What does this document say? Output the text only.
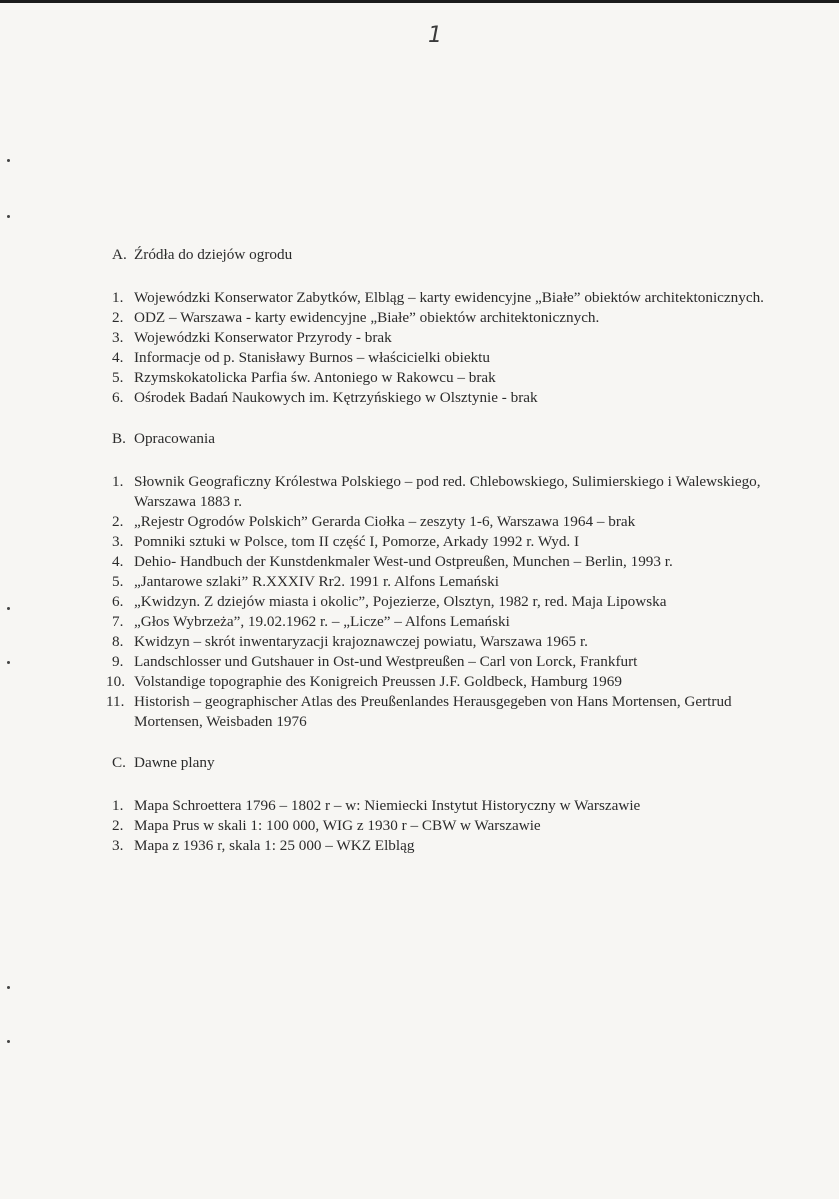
1
A. Źródła do dziejów ogrodu
1. Wojewódzki Konserwator Zabytków, Elbląg – karty ewidencyjne „Białe” obiektów architektonicznych.
2. ODZ – Warszawa - karty ewidencyjne „Białe” obiektów architektonicznych.
3. Wojewódzki Konserwator Przyrody - brak
4. Informacje od p. Stanisławy Burnos – właścicielki obiektu
5. Rzymskokatolicka Parfia św. Antoniego w Rakowcu – brak
6. Ośrodek Badań Naukowych im. Kętrzyńskiego w Olsztynie - brak
B. Opracowania
1. Słownik Geograficzny Królestwa Polskiego – pod red. Chlebowskiego, Sulimierskiego i Walewskiego, Warszawa 1883 r.
2. „Rejestr Ogrodów Polskich” Gerarda Ciołka – zeszyty 1-6, Warszawa 1964 – brak
3. Pomniki sztuki w Polsce, tom II część I, Pomorze, Arkady 1992 r. Wyd. I
4. Dehio- Handbuch der Kunstdenkmaler West-und Ostpreußen, Munchen – Berlin, 1993 r.
5. „Jantarowe szlaki” R.XXXIV Rr2. 1991 r. Alfons Lemański
6. „Kwidzyn. Z dziejów miasta i okolic”, Pojezierze, Olsztyn, 1982 r, red. Maja Lipowska
7. „Głos Wybrzeża”, 19.02.1962 r. – „Licze” – Alfons Lemański
8. Kwidzyn – skrót inwentaryzacji krajoznawczej powiatu, Warszawa 1965 r.
9. Landschlosser und Gutshauer in Ost-und Westpreußen – Carl von Lorck, Frankfurt
10. Volstandige topographie des Konigreich Preussen J.F. Goldbeck, Hamburg 1969
11. Historish – geographischer Atlas des Preußenlandes Herausgegeben von Hans Mortensen, Gertrud Mortensen, Weisbaden 1976
C. Dawne plany
1. Mapa Schroettera 1796 – 1802 r – w: Niemiecki Instytut Historyczny w Warszawie
2. Mapa Prus w skali 1: 100 000, WIG z 1930 r – CBW w Warszawie
3. Mapa z 1936 r, skala 1: 25 000 – WKZ Elbląg
